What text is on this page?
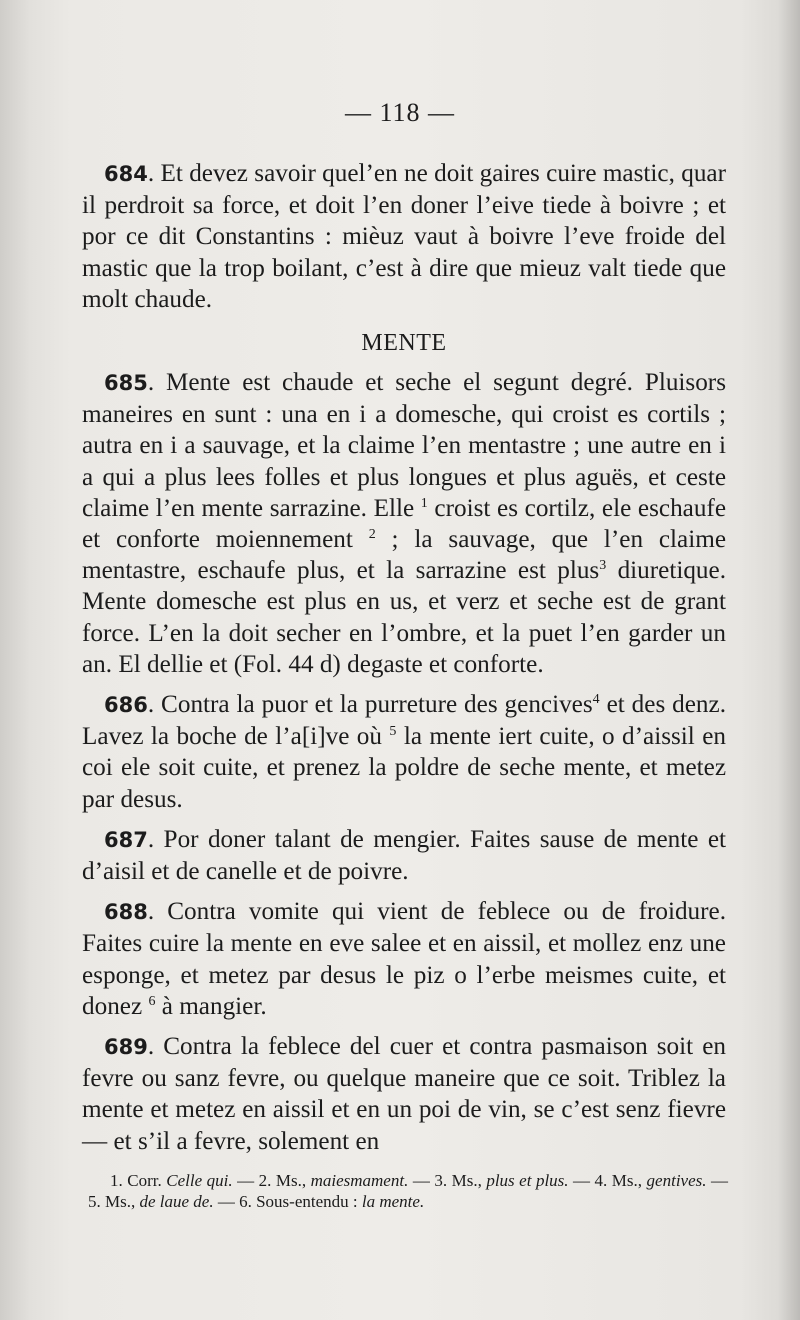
— 118 —

684. Et devez savoir quel’en ne doit gaires cuire mastic, quar il perdroit sa force, et doit l’en doner l’eive tiede à boivre ; et por ce dit Constantins : mièuz vaut à boivre l’eve froide del mastic que la trop boilant, c’est à dire que mieuz valt tiede que molt chaude.

MENTE

685. Mente est chaude et seche el segunt degré. Pluisors maneires en sunt : una en i a domesche, qui croist es cortils ; autra en i a sauvage, et la claime l’en mentastre ; une autre en i a qui a plus lees folles et plus longues et plus aguës, et ceste claime l’en mente sarrazine. Elle $^1$ croist es cortilz, ele eschaufe et conforte moiennement $^2$ ; la sauvage, que l’en claime mentastre, eschaufe plus, et la sarrazine est plus$^3$ diuretique. Mente domesche est plus en us, et verz et seche est de grant force. L’en la doit secher en l’ombre, et la puet l’en garder un an. El dellie et (Fol. 44 d) degaste et conforte.

686. Contra la puor et la purreture des gencives$^4$ et des denz. Lavez la boche de l’a[i]ve où $^5$ la mente iert cuite, o d’aissil en coi ele soit cuite, et prenez la poldre de seche mente, et metez par desus.

687. Por doner talant de mengier. Faites sause de mente et d’aisil et de canelle et de poivre.

688. Contra vomite qui vient de feblece ou de froidure. Faites cuire la mente en eve salee et en aissil, et mollez enz une esponge, et metez par desus le piz o l’erbe meismes cuite, et donez $^6$ à mangier.

689. Contra la feblece del cuer et contra pasmaison soit en fevre ou sanz fevre, ou quelque maneire que ce soit. Triblez la mente et metez en aissil et en un poi de vin, se c’est senz fievre — et s’il a fevre, solement en

1. Corr. Celle qui. — 2. Ms., maiesmament. — 3. Ms., plus et plus. — 4. Ms., gentives. — 5. Ms., de laue de. — 6. Sous-entendu : la mente.
